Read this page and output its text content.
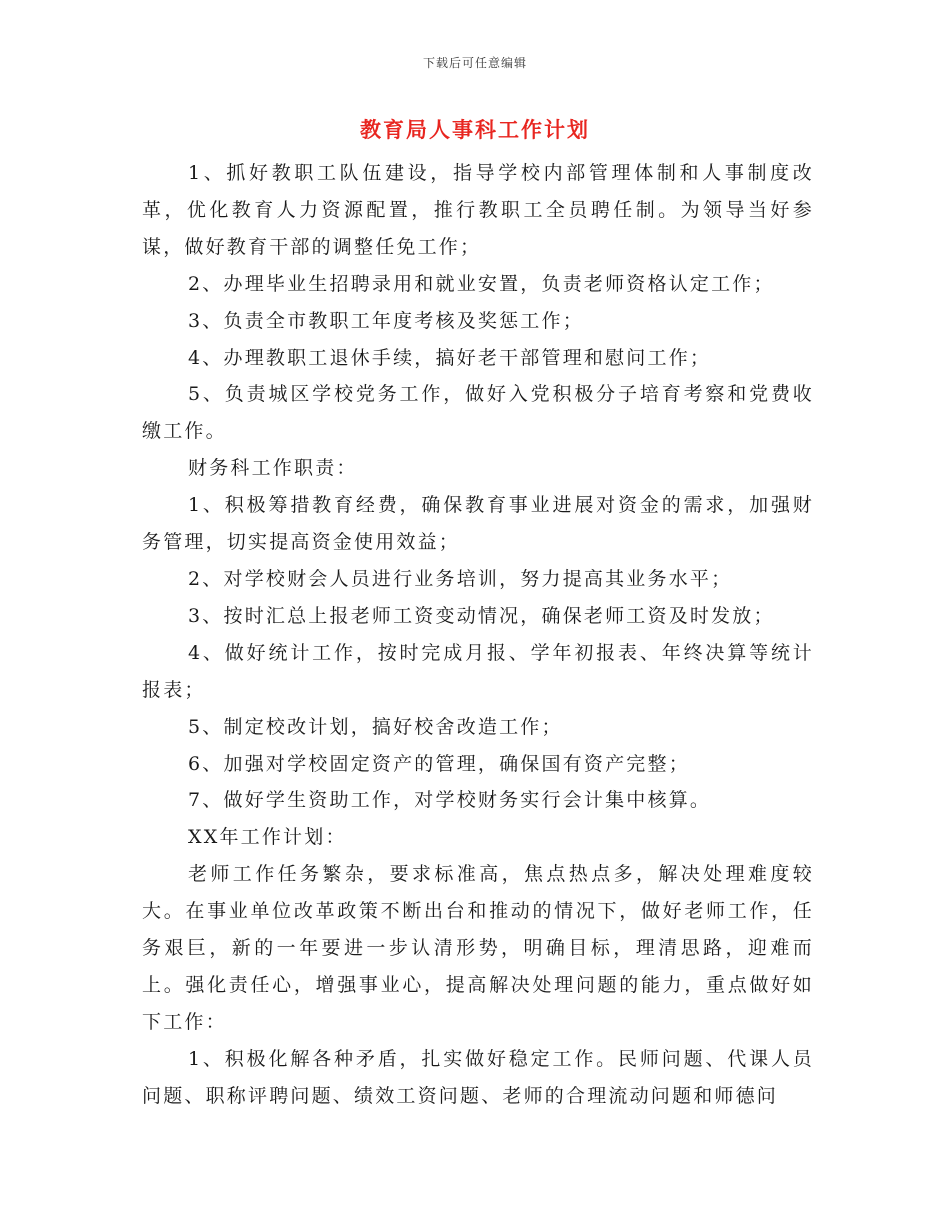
下载后可任意编辑
教育局人事科工作计划

1、抓好教职工队伍建设，指导学校内部管理体制和人事制度改革，优化教育人力资源配置，推行教职工全员聘任制。为领导当好参谋，做好教育干部的调整任免工作；

2、办理毕业生招聘录用和就业安置，负责老师资格认定工作；

3、负责全市教职工年度考核及奖惩工作；

4、办理教职工退休手续，搞好老干部管理和慰问工作；

5、负责城区学校党务工作，做好入党积极分子培育考察和党费收缴工作。

财务科工作职责：

1、积极筹措教育经费，确保教育事业进展对资金的需求，加强财务管理，切实提高资金使用效益；

2、对学校财会人员进行业务培训，努力提高其业务水平；

3、按时汇总上报老师工资变动情况，确保老师工资及时发放；

4、做好统计工作，按时完成月报、学年初报表、年终决算等统计报表；

5、制定校改计划，搞好校舍改造工作；

6、加强对学校固定资产的管理，确保国有资产完整；

7、做好学生资助工作，对学校财务实行会计集中核算。

XX年工作计划：

老师工作任务繁杂，要求标准高，焦点热点多，解决处理难度较大。在事业单位改革政策不断出台和推动的情况下，做好老师工作，任务艰巨，新的一年要进一步认清形势，明确目标，理清思路，迎难而上。强化责任心，增强事业心，提高解决处理问题的能力，重点做好如下工作：

1、积极化解各种矛盾，扎实做好稳定工作。民师问题、代课人员问题、职称评聘问题、绩效工资问题、老师的合理流动问题和师德问
